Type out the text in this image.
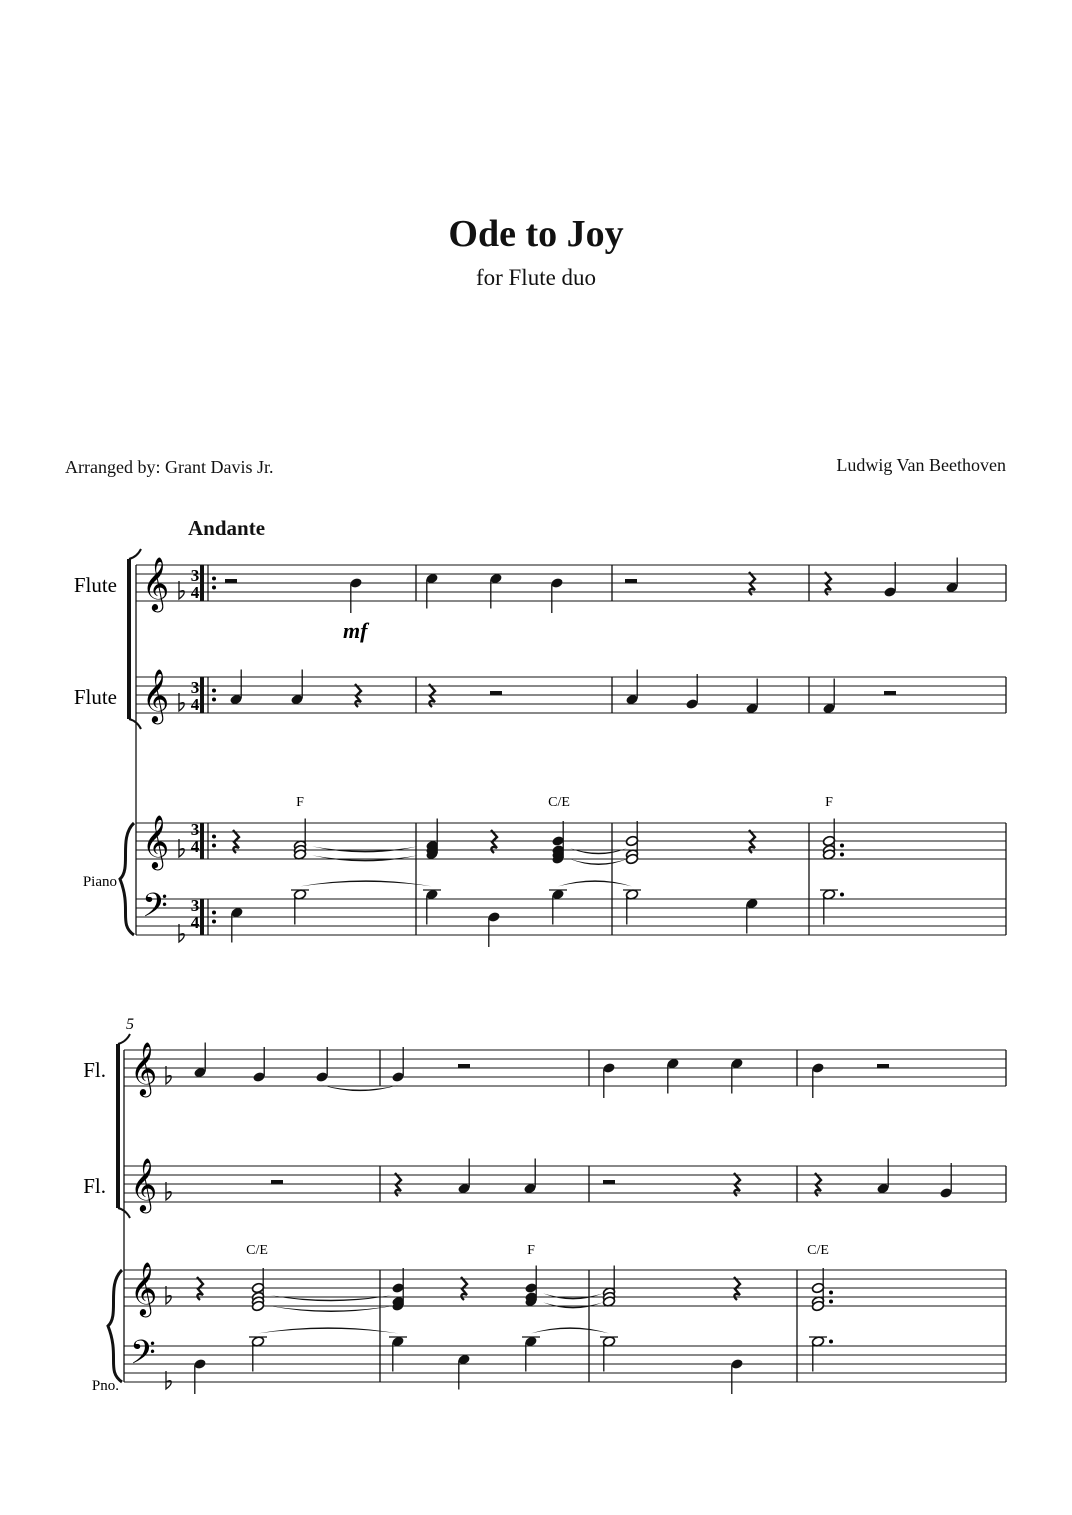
Ode to Joy
for Flute duo
Arranged by: Grant Davis Jr.	Ludwig Van Beethoven
Andante
Flute
Flute
Piano
Fl.
Fl.
Pno.
mf
5
F	C/E	F
C/E	F	C/E
3
4
3
4
3
4
3
4
𝄞
𝄞
𝄞
𝄢
𝄞
𝄞
𝄞
𝄢
